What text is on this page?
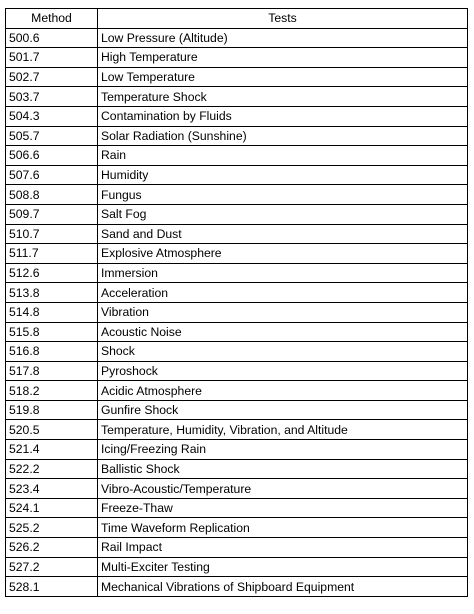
Method	Tests
500.6	Low Pressure (Altitude)
501.7	High Temperature
502.7	Low Temperature
503.7	Temperature Shock
504.3	Contamination by Fluids
505.7	Solar Radiation (Sunshine)
506.6	Rain
507.6	Humidity
508.8	Fungus
509.7	Salt Fog
510.7	Sand and Dust
511.7	Explosive Atmosphere
512.6	Immersion
513.8	Acceleration
514.8	Vibration
515.8	Acoustic Noise
516.8	Shock
517.8	Pyroshock
518.2	Acidic Atmosphere
519.8	Gunfire Shock
520.5	Temperature, Humidity, Vibration, and Altitude
521.4	Icing/Freezing Rain
522.2	Ballistic Shock
523.4	Vibro-Acoustic/Temperature
524.1	Freeze-Thaw
525.2	Time Waveform Replication
526.2	Rail Impact
527.2	Multi-Exciter Testing
528.1	Mechanical Vibrations of Shipboard Equipment
